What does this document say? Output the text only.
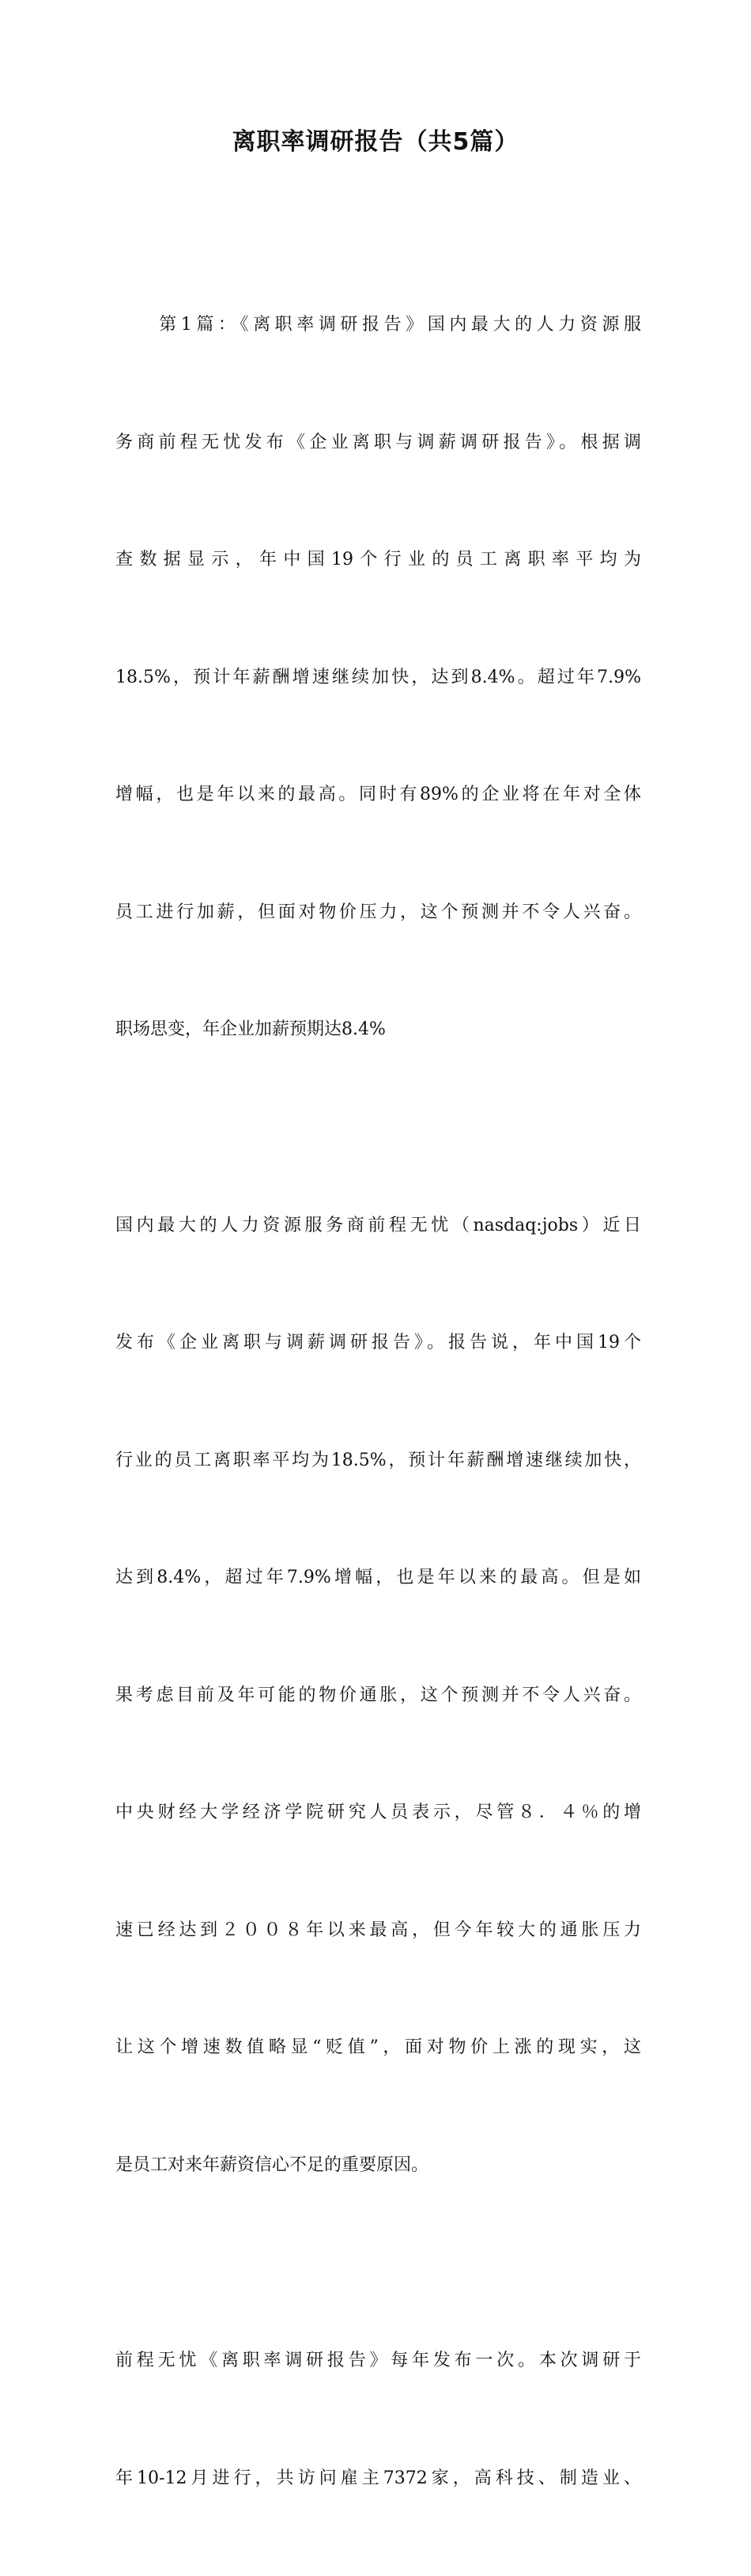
离职率调研报告（共5篇）

　　第1篇：《离职率调研报告》国内最大的人力资源服

务商前程无忧发布《企业离职与调薪调研报告》。根据调

查数据显示，年中国19个行业的员工离职率平均为

18.5%，预计年薪酬增速继续加快，达到8.4%。超过年7.9%

增幅，也是年以来的最高。同时有89%的企业将在年对全体

员工进行加薪，但面对物价压力，这个预测并不令人兴奋。

职场思变，年企业加薪预期达8.4%

国内最大的人力资源服务商前程无忧（nasdaq:jobs）近日

发布《企业离职与调薪调研报告》。报告说，年中国19个

行业的员工离职率平均为18.5%，预计年薪酬增速继续加快，

达到8.4%，超过年7.9%增幅，也是年以来的最高。但是如

果考虑目前及年可能的物价通胀，这个预测并不令人兴奋。

中央财经大学经济学院研究人员表示，尽管８．４％的增

速已经达到２００８年以来最高，但今年较大的通胀压力

让这个增速数值略显“贬值”，面对物价上涨的现实，这

是员工对来年薪资信心不足的重要原因。

前程无忧《离职率调研报告》每年发布一次。本次调研于

年10-12月进行，共访问雇主7372家，高科技、制造业、
